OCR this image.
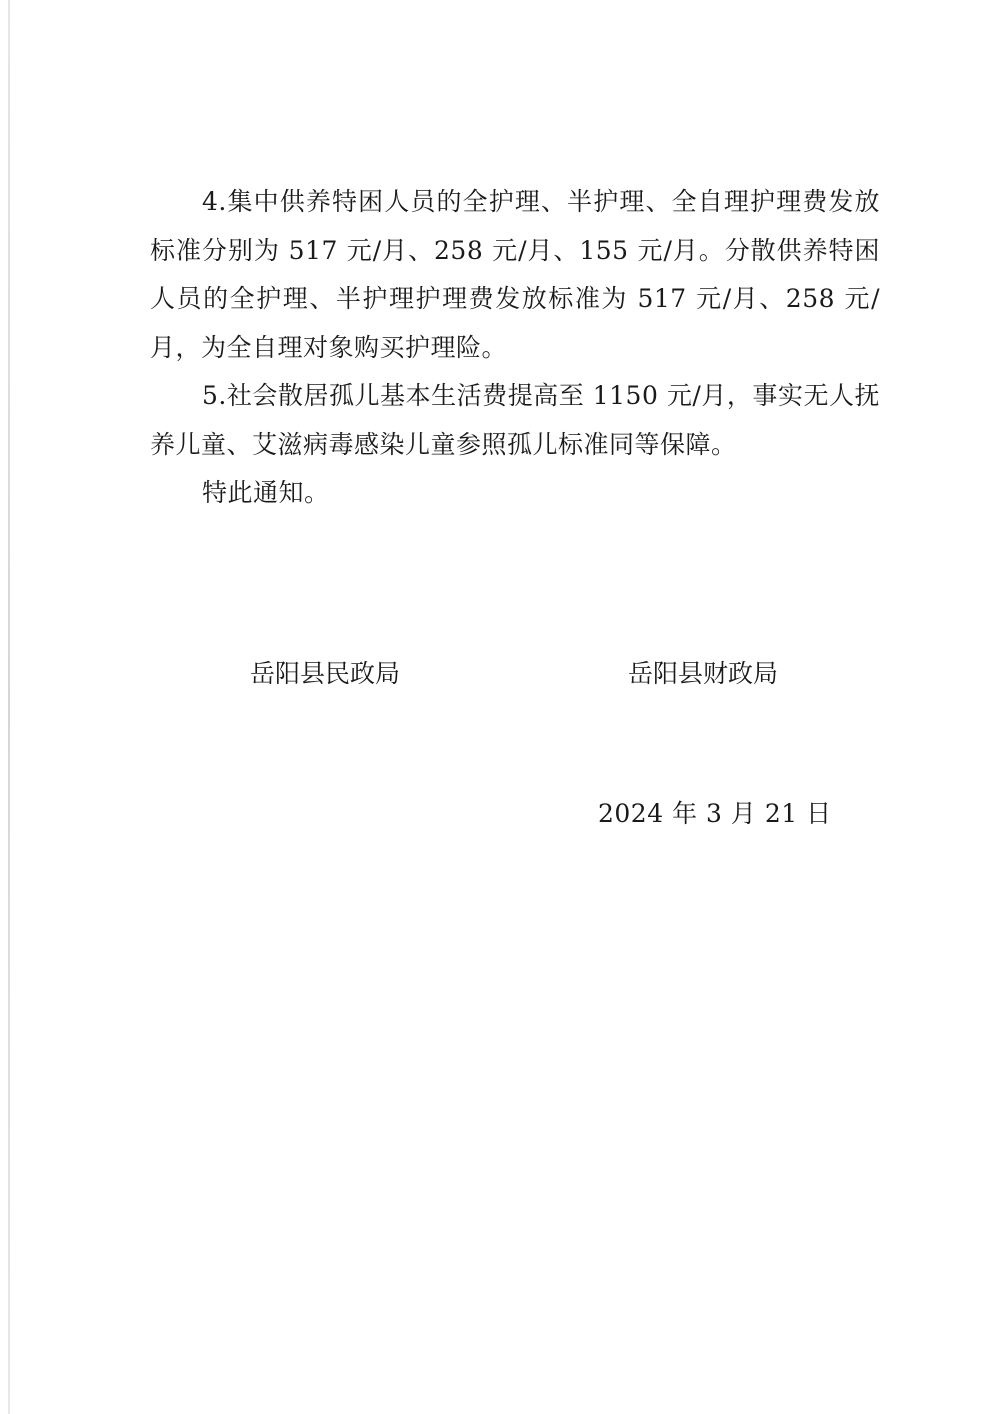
4.集中供养特困人员的全护理、半护理、全自理护理费发放标准分别为 517 元/月、258 元/月、155 元/月。分散供养特困人员的全护理、半护理护理费发放标准为 517 元/月、258 元/月，为全自理对象购买护理险。

5.社会散居孤儿基本生活费提高至 1150 元/月，事实无人抚养儿童、艾滋病毒感染儿童参照孤儿标准同等保障。

特此通知。

岳阳县民政局	岳阳县财政局
2024 年 3 月 21 日
